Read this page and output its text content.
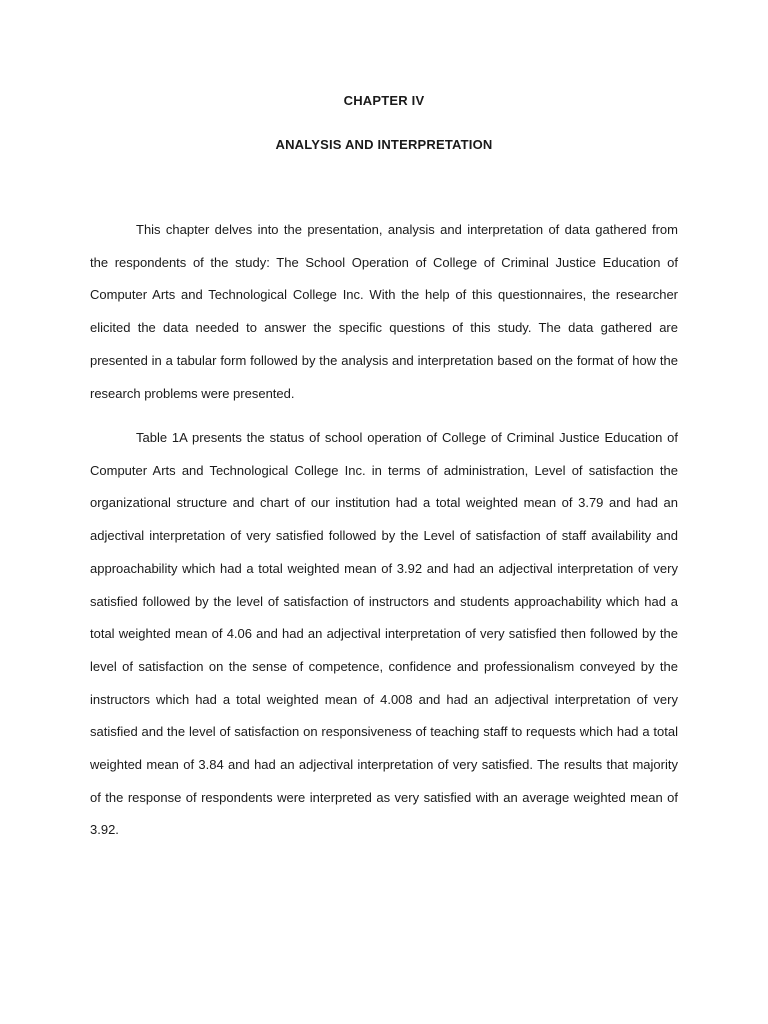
CHAPTER IV
ANALYSIS AND INTERPRETATION

This chapter delves into the presentation, analysis and interpretation of data gathered from the respondents of the study: The School Operation of College of Criminal Justice Education of Computer Arts and Technological College Inc. With the help of this questionnaires, the researcher elicited the data needed to answer the specific questions of this study. The data gathered are presented in a tabular form followed by the analysis and interpretation based on the format of how the research problems were presented.

Table 1A presents the status of school operation of College of Criminal Justice Education of Computer Arts and Technological College Inc. in terms of administration, Level of satisfaction the organizational structure and chart of our institution had a total weighted mean of 3.79 and had an adjectival interpretation of very satisfied followed by the Level of satisfaction of staff availability and approachability which had a total weighted mean of 3.92 and had an adjectival interpretation of very satisfied followed by the level of satisfaction of instructors and students approachability which had a total weighted mean of 4.06 and had an adjectival interpretation of very satisfied then followed by the level of satisfaction on the sense of competence, confidence and professionalism conveyed by the instructors which had a total weighted mean of 4.008 and had an adjectival interpretation of very satisfied and the level of satisfaction on responsiveness of teaching staff to requests which had a total weighted mean of 3.84 and had an adjectival interpretation of very satisfied. The results that majority of the response of respondents were interpreted as very satisfied with an average weighted mean of 3.92.
